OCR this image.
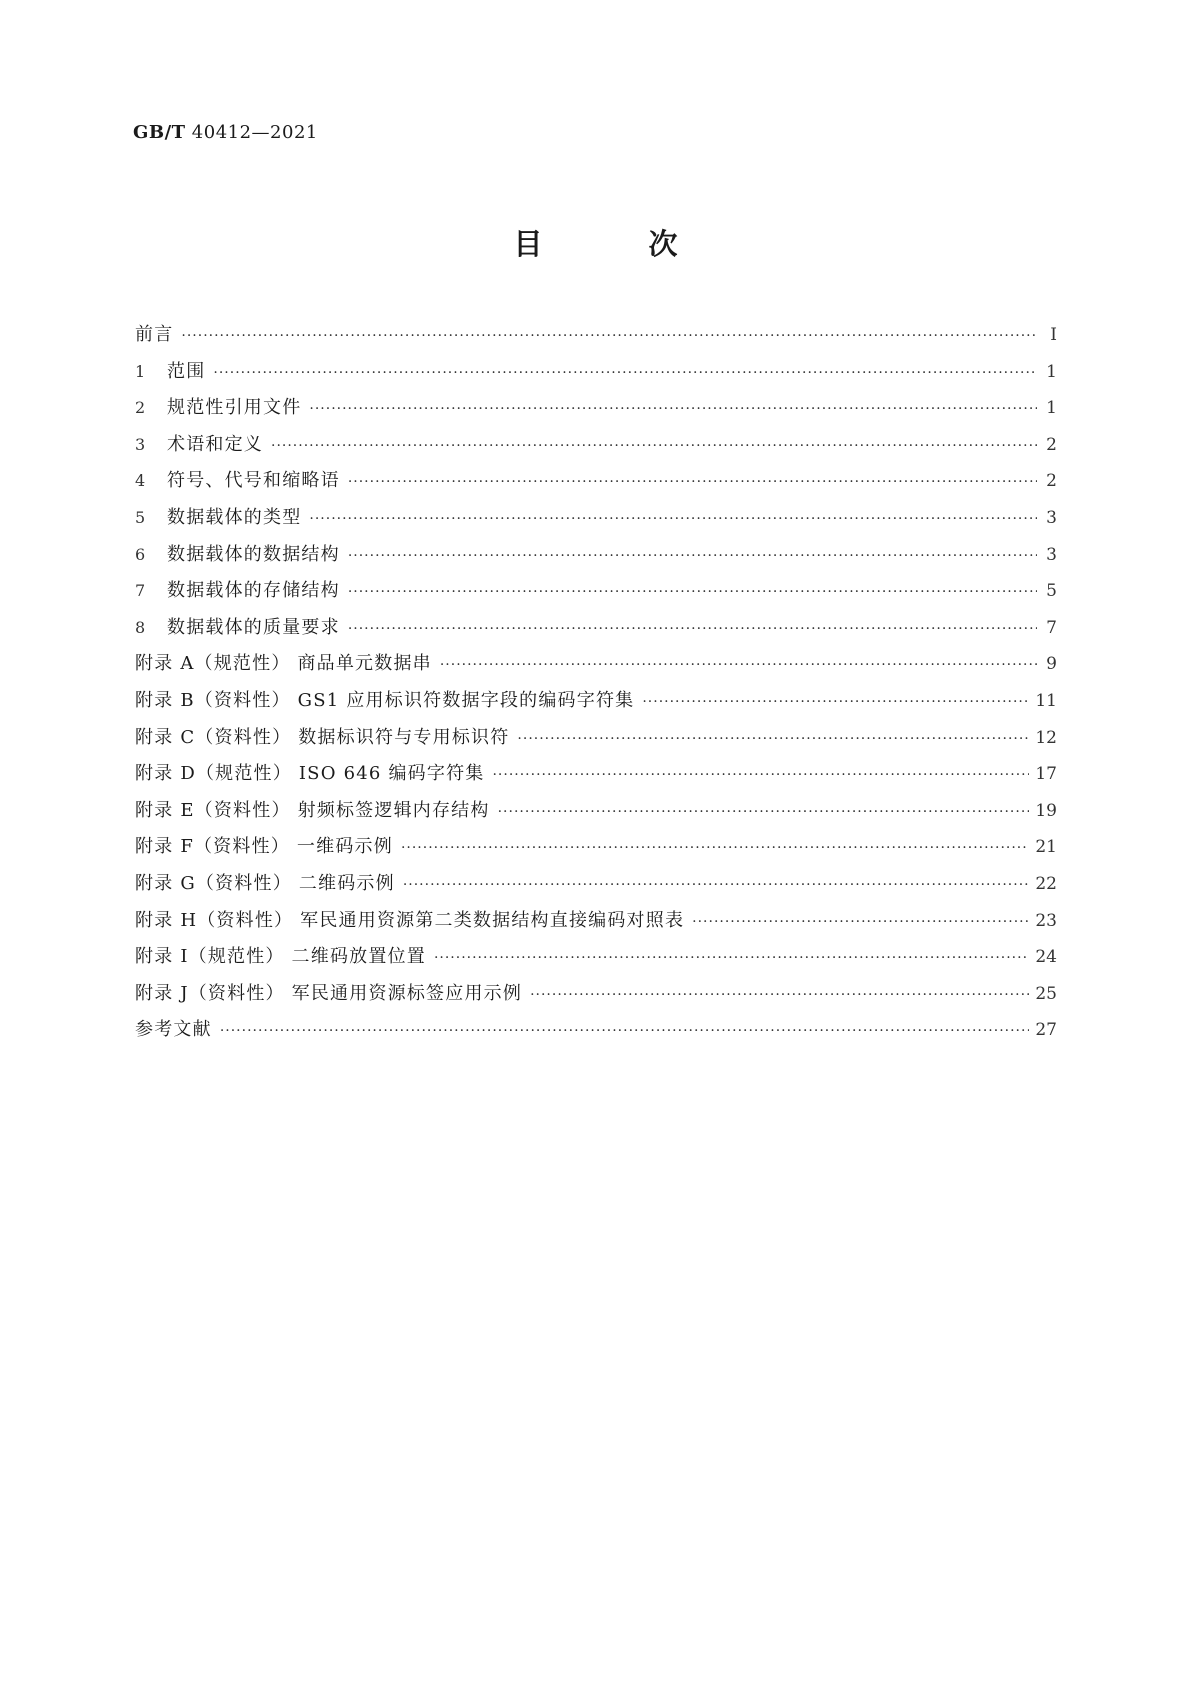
GB/T 40412—2021
目 次
前言 ·····	Ⅰ
1	范围 ·····	1
2	规范性引用文件 ·····	1
3	术语和定义 ·····	2
4	符号、代号和缩略语 ·····	2
5	数据载体的类型 ·····	3
6	数据载体的数据结构 ·····	3
7	数据载体的存储结构 ·····	5
8	数据载体的质量要求 ·····	7
附录 A（规范性） 商品单元数据串 ·····	9
附录 B（资料性） GS1 应用标识符数据字段的编码字符集 ·····	11
附录 C（资料性） 数据标识符与专用标识符 ·····	12
附录 D（规范性） ISO 646 编码字符集 ·····	17
附录 E（资料性） 射频标签逻辑内存结构 ·····	19
附录 F（资料性） 一维码示例 ·····	21
附录 G（资料性） 二维码示例 ·····	22
附录 H（资料性） 军民通用资源第二类数据结构直接编码对照表 ·····	23
附录 I（规范性） 二维码放置位置 ·····	24
附录 J（资料性） 军民通用资源标签应用示例 ·····	25
参考文献 ·····	27
